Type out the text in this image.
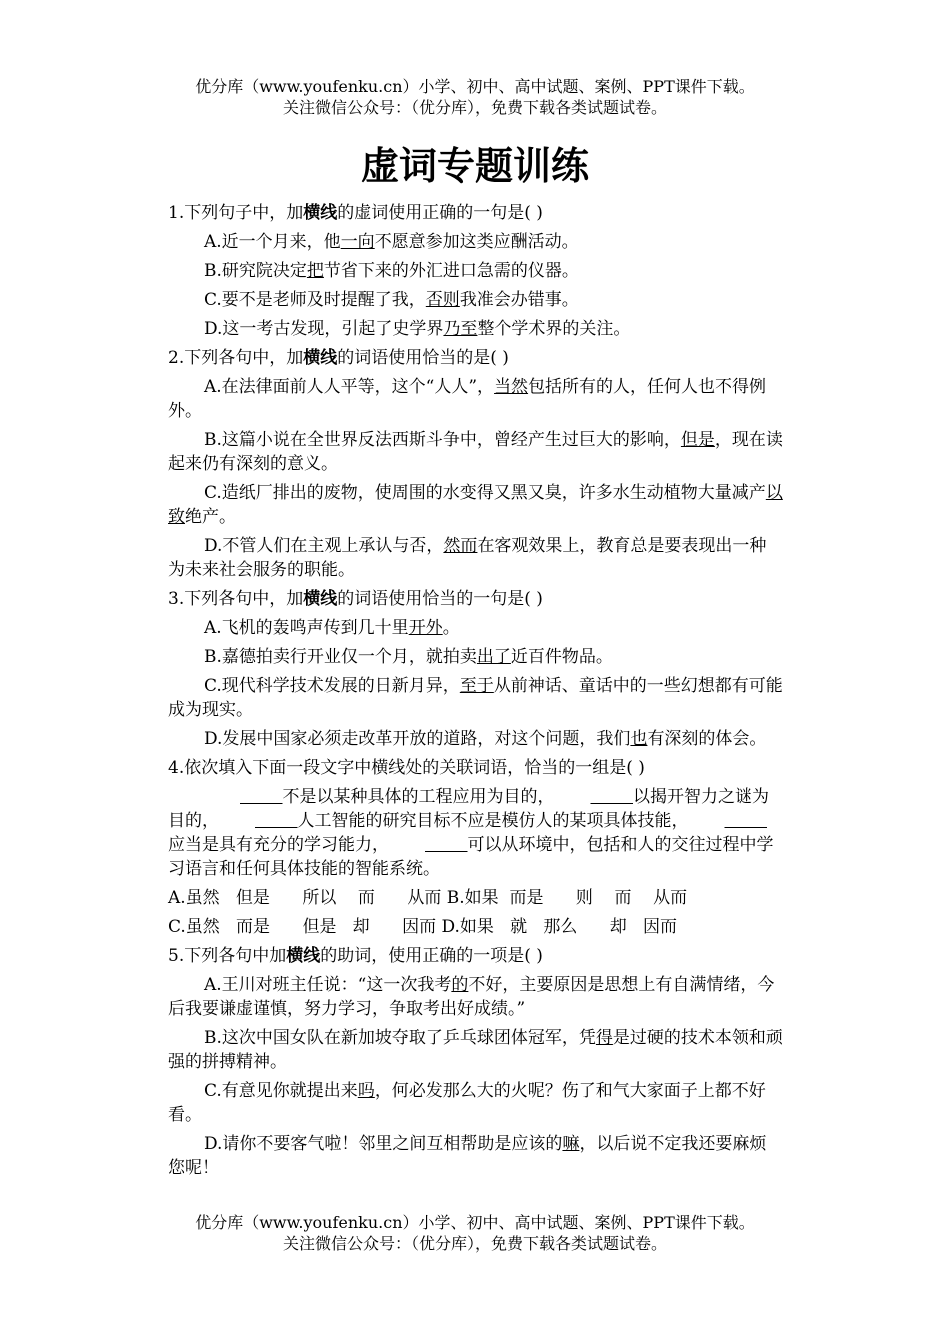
优分库（www.youfenku.cn）小学、初中、高中试题、案例、PPT课件下载。
关注微信公众号：（优分库），免费下载各类试题试卷。
虚词专题训练
1.下列句子中，加横线的虚词使用正确的一句是( )
A.近一个月来，他一向不愿意参加这类应酬活动。
B.研究院决定把节省下来的外汇进口急需的仪器。
C.要不是老师及时提醒了我，否则我准会办错事。
D.这一考古发现，引起了史学界乃至整个学术界的关注。
2.下列各句中，加横线的词语使用恰当的是( )
A.在法律面前人人平等，这个“人人”，当然包括所有的人，任何人也不得例外。
B.这篇小说在全世界反法西斯斗争中，曾经产生过巨大的影响，但是，现在读起来仍有深刻的意义。
C.造纸厂排出的废物，使周围的水变得又黑又臭，许多水生动植物大量减产以致绝产。
D.不管人们在主观上承认与否，然而在客观效果上，教育总是要表现出一种为未来社会服务的职能。
3.下列各句中，加横线的词语使用恰当的一句是( )
A.飞机的轰鸣声传到几十里开外。
B.嘉德拍卖行开业仅一个月，就拍卖出了近百件物品。
C.现代科学技术发展的日新月异，至于从前神话、童话中的一些幻想都有可能成为现实。
D.发展中国家必须走改革开放的道路，对这个问题，我们也有深刻的体会。
4.依次填入下面一段文字中横线处的关联词语，恰当的一组是( )
   不是以某种具体的工程应用为目的，   	以揭开智力之谜为目的，   	人工智能的研究目标不应是模仿人的某项具体技能，   应当是具有充分的学习能力，   	可以从环境中，包括和人的交往过程中学习语言和任何具体技能的智能系统。
A.虽然   但是      所以    而      从而 B.如果  而是      则    而    从而
C.虽然   而是      但是   却      因而 D.如果   就   那么      却   因而
5.下列各句中加横线的助词，使用正确的一项是( )
A.王川对班主任说：“这一次我考的不好，主要原因是思想上有自满情绪，今后我要谦虚谨慎，努力学习，争取考出好成绩。”
B.这次中国女队在新加坡夺取了乒乓球团体冠军，凭得是过硬的技术本领和顽强的拼搏精神。
C.有意见你就提出来吗，何必发那么大的火呢？伤了和气大家面子上都不好看。
D.请你不要客气啦！邻里之间互相帮助是应该的嘛，以后说不定我还要麻烦您呢！
优分库（www.youfenku.cn）小学、初中、高中试题、案例、PPT课件下载。
关注微信公众号：（优分库），免费下载各类试题试卷。
